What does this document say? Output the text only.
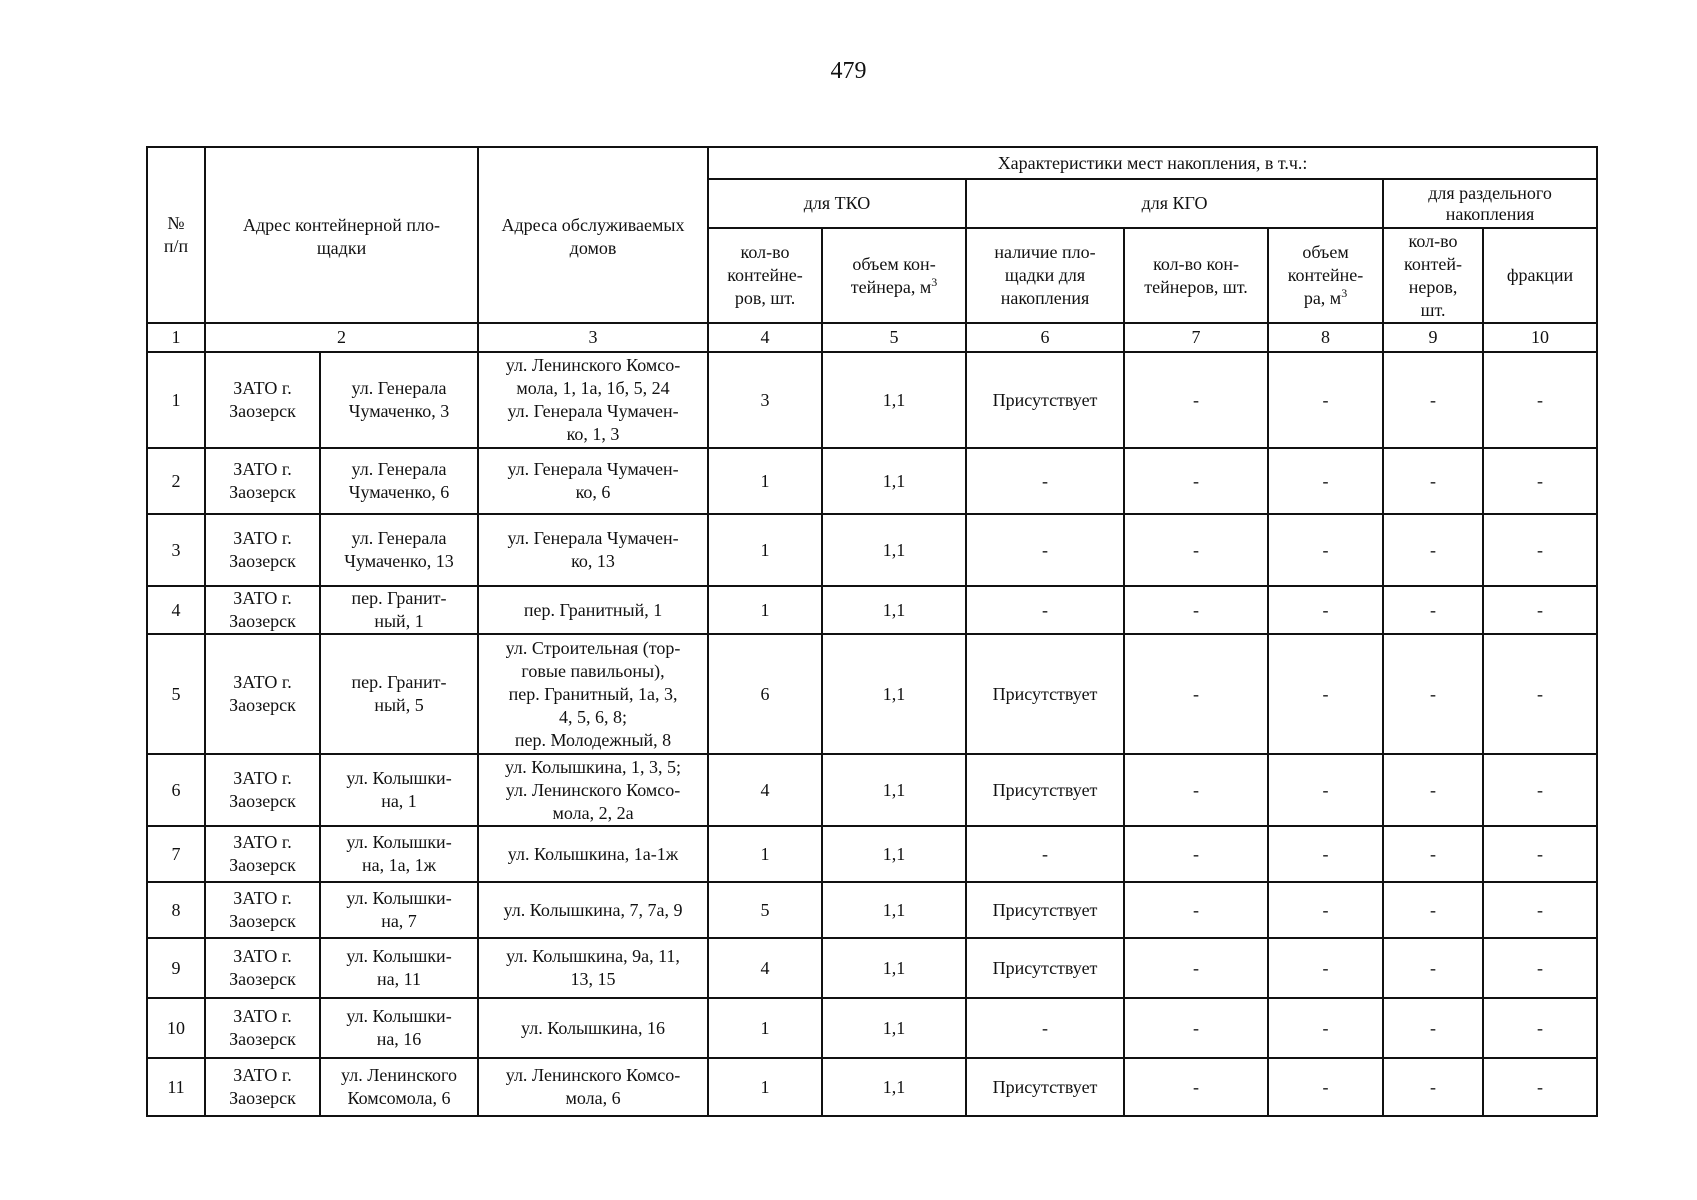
479
№
п/п	Адрес контейнерной пло-
щадки		Адреса обслуживаемых
домов	Характеристики мест накопления, в т.ч.:						
				для ТКО		для КГО			для раздельного
накопления	
				кол-во
контейне-
ров, шт.	объем кон-
тейнера, $м^3$	наличие пло-
щадки для
накопления	кол-во кон-
тейнеров, шт.	объем
контейне-
ра, $м^3$	кол-во
контей-
неров,
шт.	фракции
1	2		3	4	5	6	7	8	9	10
1	ЗАТО г.
Заозерск	ул. Генерала
Чумаченко, 3	ул. Ленинского Комсо-
мола, 1, 1а, 1б, 5, 24
ул. Генерала Чумачен-
ко, 1, 3	3	1,1	Присутствует	-	-	-	-
2	ЗАТО г.
Заозерск	ул. Генерала
Чумаченко, 6	ул. Генерала Чумачен-
ко, 6	1	1,1	-	-	-	-	-
3	ЗАТО г.
Заозерск	ул. Генерала
Чумаченко, 13	ул. Генерала Чумачен-
ко, 13	1	1,1	-	-	-	-	-
4	ЗАТО г.
Заозерск	пер. Гранит-
ный, 1	пер. Гранитный, 1	1	1,1	-	-	-	-	-
5	ЗАТО г.
Заозерск	пер. Гранит-
ный, 5	ул. Строительная (тор-
говые павильоны),
пер. Гранитный, 1а, 3,
4, 5, 6, 8;
пер. Молодежный, 8	6	1,1	Присутствует	-	-	-	-
6	ЗАТО г.
Заозерск	ул. Колышки-
на, 1	ул. Колышкина, 1, 3, 5;
ул. Ленинского Комсо-
мола, 2, 2а	4	1,1	Присутствует	-	-	-	-
7	ЗАТО г.
Заозерск	ул. Колышки-
на, 1а, 1ж	ул. Колышкина, 1а-1ж	1	1,1	-	-	-	-	-
8	ЗАТО г.
Заозерск	ул. Колышки-
на, 7	ул. Колышкина, 7, 7а, 9	5	1,1	Присутствует	-	-	-	-
9	ЗАТО г.
Заозерск	ул. Колышки-
на, 11	ул. Колышкина, 9а, 11,
13, 15	4	1,1	Присутствует	-	-	-	-
10	ЗАТО г.
Заозерск	ул. Колышки-
на, 16	ул. Колышкина, 16	1	1,1	-	-	-	-	-
11	ЗАТО г.
Заозерск	ул. Ленинского
Комсомола, 6	ул. Ленинского Комсо-
мола, 6	1	1,1	Присутствует	-	-	-	-
